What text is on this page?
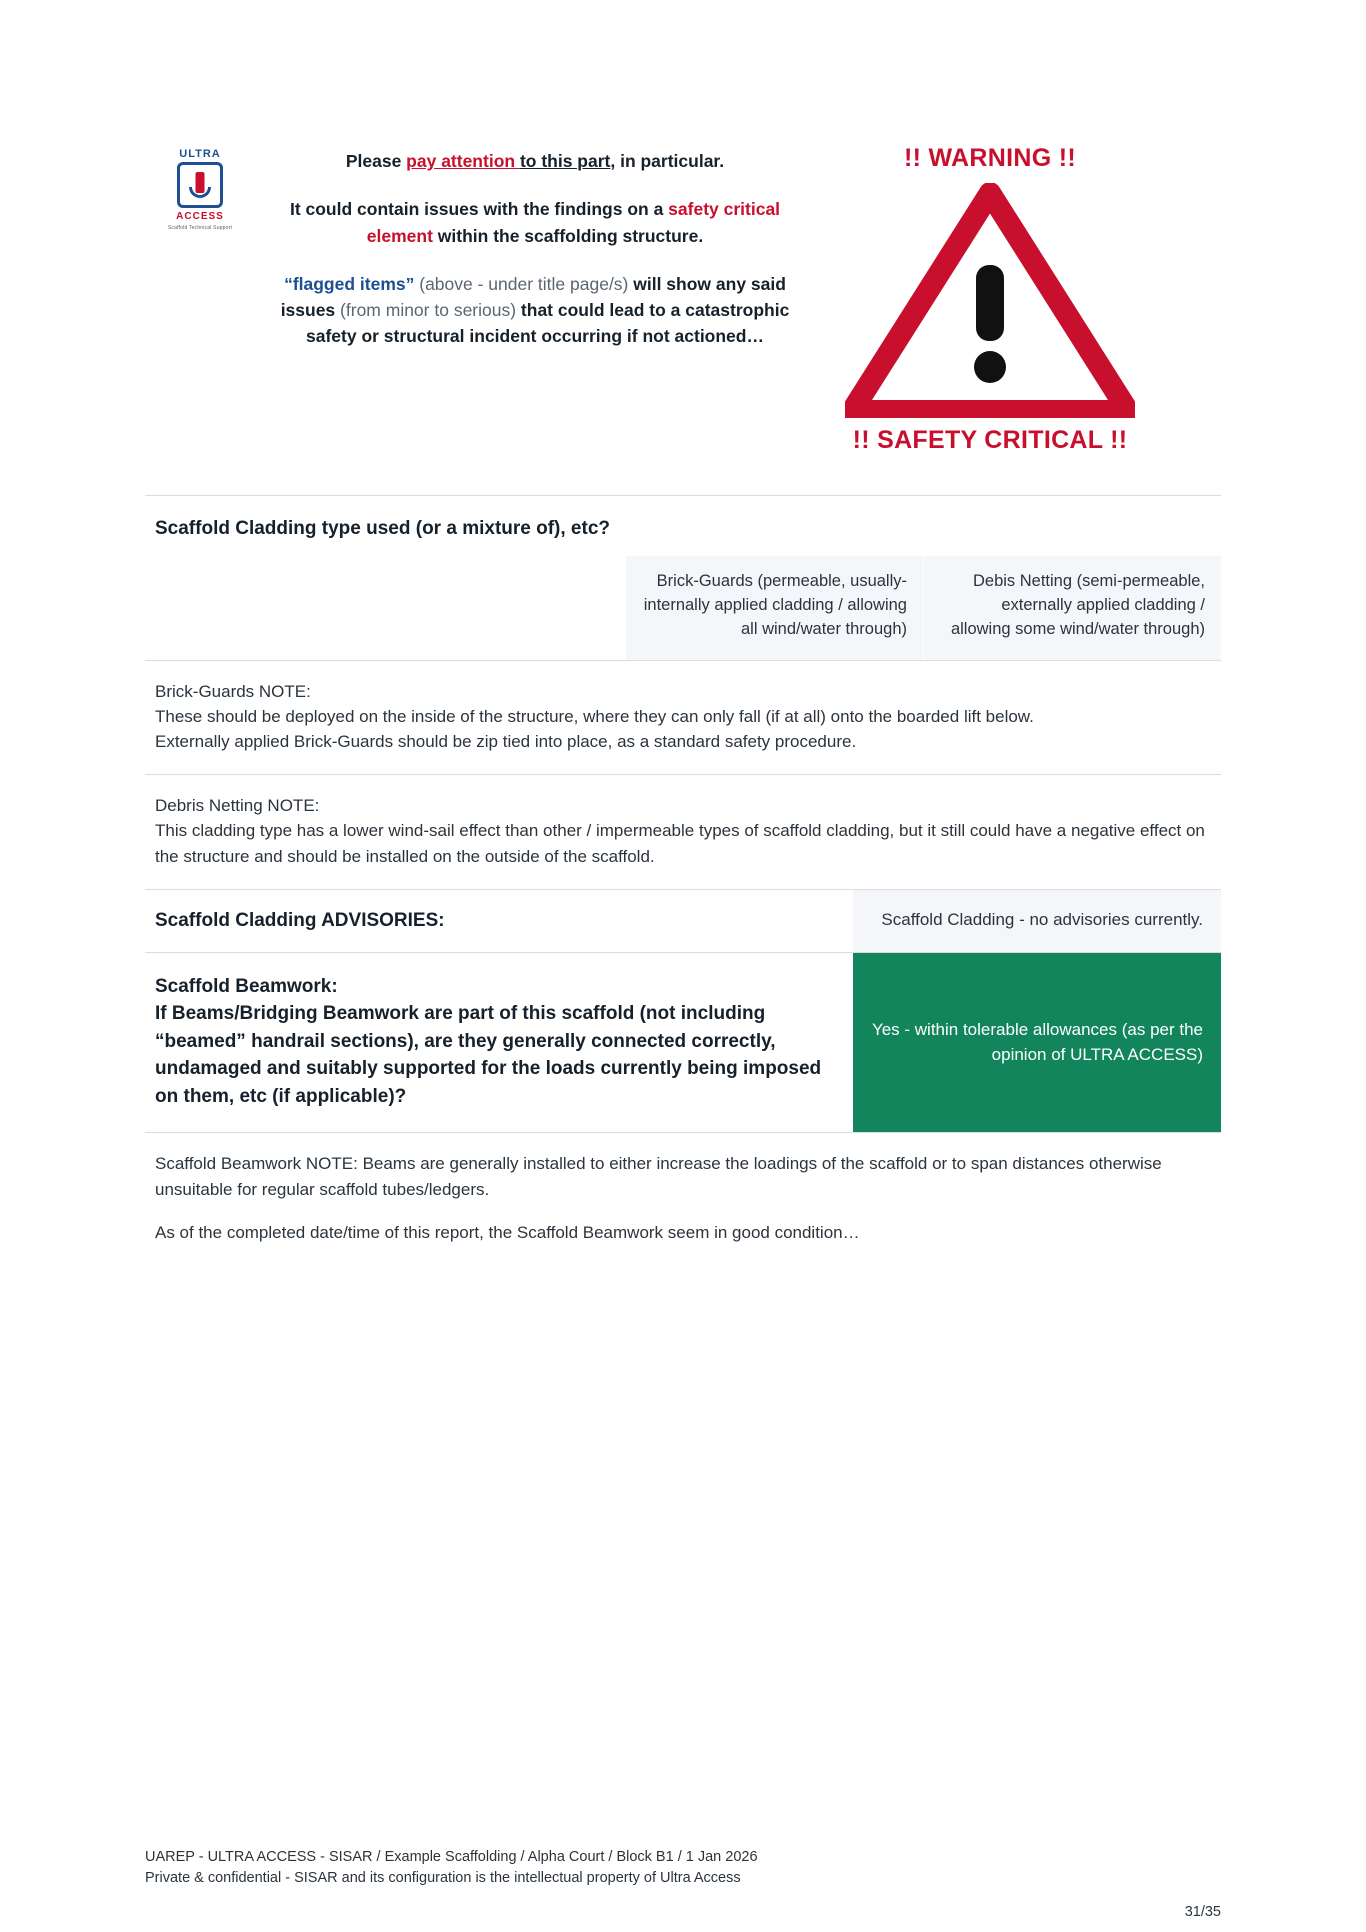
ULTRA
ACCESS
Scaffold Technical Support

Please pay attention to this part, in particular.

It could contain issues with the findings on a safety critical element within the scaffolding structure.

“flagged items” (above - under title page/s) will show any said issues (from minor to serious) that could lead to a catastrophic safety or structural incident occurring if not actioned…

!! WARNING !!
!! SAFETY CRITICAL !!
Scaffold Cladding type used (or a mixture of), etc?
Brick-Guards (permeable, usually-internally applied cladding / allowing all wind/water through)
Debis Netting (semi-permeable, externally applied cladding / allowing some wind/water through)
Brick-Guards NOTE:
These should be deployed on the inside of the structure, where they can only fall (if at all) onto the boarded lift below.
Externally applied Brick-Guards should be zip tied into place, as a standard safety procedure.
Debris Netting NOTE:
This cladding type has a lower wind-sail effect than other / impermeable types of scaffold cladding, but it still could have a negative effect on the structure and should be installed on the outside of the scaffold.
Scaffold Cladding ADVISORIES:	Scaffold Cladding - no advisories currently.
Scaffold Beamwork:
If Beams/Bridging Beamwork are part of this scaffold (not including “beamed” handrail sections), are they generally connected correctly, undamaged and suitably supported for the loads currently being imposed on them, etc (if applicable)?
Yes - within tolerable allowances (as per the opinion of ULTRA ACCESS)
Scaffold Beamwork NOTE: Beams are generally installed to either increase the loadings of the scaffold or to span distances otherwise unsuitable for regular scaffold tubes/ledgers.
As of the completed date/time of this report, the Scaffold Beamwork seem in good condition…
UAREP - ULTRA ACCESS - SISAR / Example Scaffolding / Alpha Court / Block B1 / 1 Jan 2026
Private & confidential - SISAR and its configuration is the intellectual property of Ultra Access
31/35
